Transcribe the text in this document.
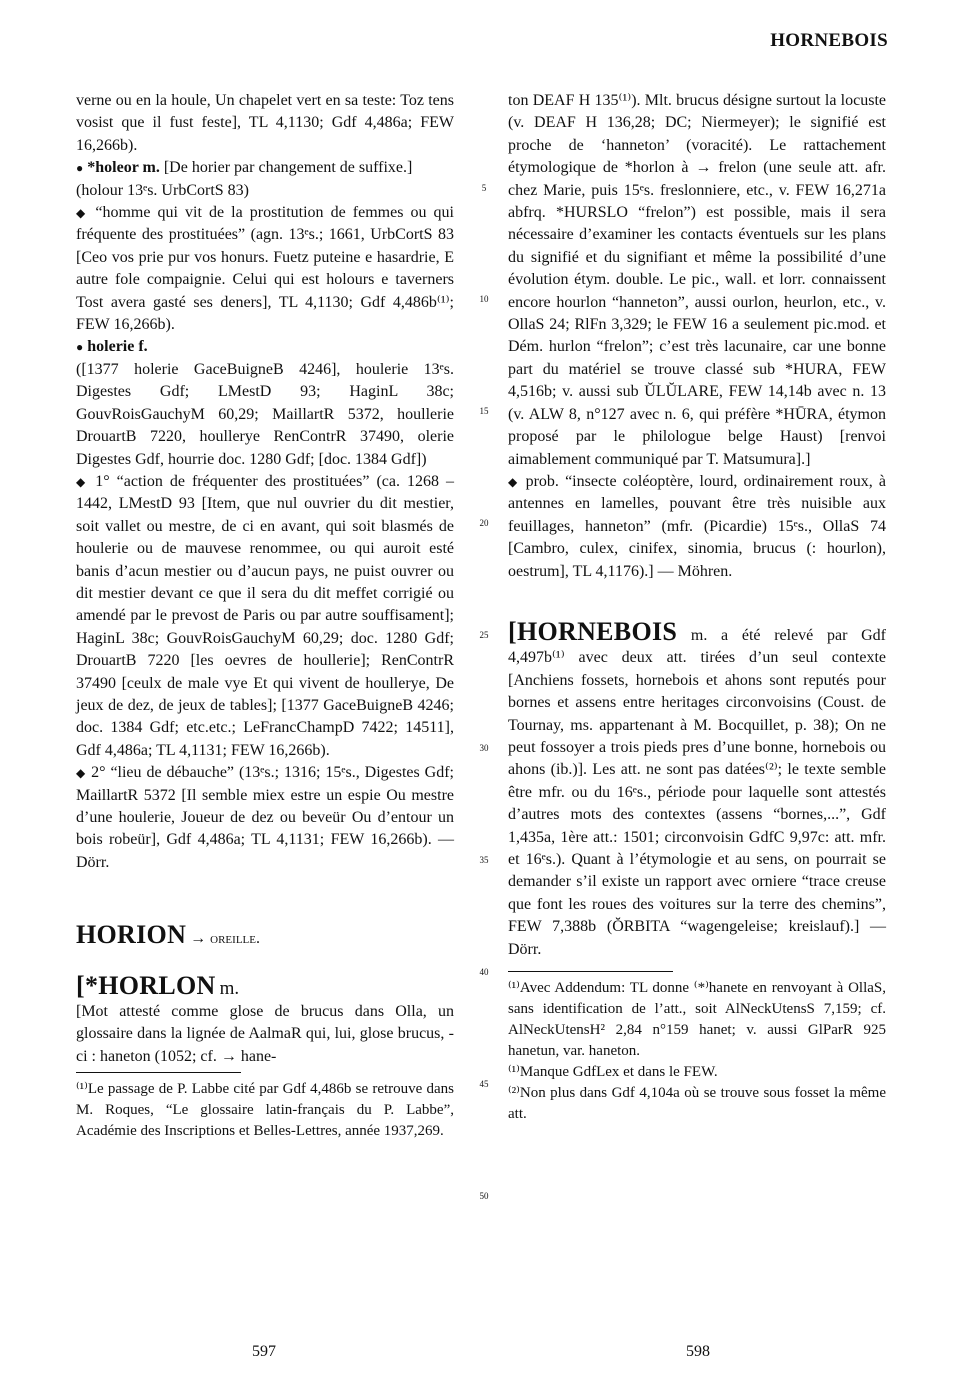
HORNEBOIS
5
10
15
20
25
30
35
40
45
50

verne ou en la houle, Un chapelet vert en sa teste: Toz tens vosist que il fust feste], TL 4,1130; Gdf 4,486a; FEW 16,266b).

● *holeor m. [De horier par changement de suffixe.]

(holour 13ᵉs. UrbCortS 83)

◆ “homme qui vit de la prostitution de femmes ou qui fréquente des prostituées” (agn. 13ᵉs.; 1661, UrbCortS 83 [Ceo vos prie pur vos honurs. Fuetz puteine e hasardrie, E autre fole compaignie. Celui qui est holours e taverners Tost avera gasté ses deners], TL 4,1130; Gdf 4,486b⁽¹⁾; FEW 16,266b).

● holerie f.

([1377 holerie GaceBuigneB 4246], houlerie 13ᵉs. Digestes Gdf; LMestD 93; HaginL 38c; GouvRoisGauchyM 60,29; MaillartR 5372, houllerie DrouartB 7220, houllerye RenContrR 37490, olerie Digestes Gdf, hourrie doc. 1280 Gdf; [doc. 1384 Gdf])

◆ 1° “action de fréquenter des prostituées” (ca. 1268 – 1442, LMestD 93 [Item, que nul ouvrier du dit mestier, soit vallet ou mestre, de ci en avant, qui soit blasmés de houlerie ou de mauvese renommee, ou qui auroit esté banis d’acun mestier ou d’aucun pays, ne puist ouvrer ou dit mestier devant ce que il sera du dit meffet corrigié ou amendé par le prevost de Paris ou par autre souffisament]; HaginL 38c; GouvRoisGauchyM 60,29; doc. 1280 Gdf; DrouartB 7220 [les oevres de houllerie]; RenContrR 37490 [ceulx de male vye Et qui vivent de houllerye, De jeux de dez, de jeux de tables]; [1377 GaceBuigneB 4246; doc. 1384 Gdf; etc.etc.; LeFrancChampD 7422; 14511], Gdf 4,486a; TL 4,1131; FEW 16,266b).

◆ 2° “lieu de débauche” (13ᵉs.; 1316; 15ᵉs., Digestes Gdf; MaillartR 5372 [Il semble miex estre un espie Ou mestre d’une houlerie, Joueur de dez ou beveür Ou d’entour un bois robeür], Gdf 4,486a; TL 4,1131; FEW 16,266b). — Dörr.

HORION → oreille.

[*HORLON m.

[Mot attesté comme glose de brucus dans Olla, un glossaire dans la lignée de AalmaR qui, lui, glose brucus, -ci : haneton (1052; cf. → hane-

⁽¹⁾Le passage de P. Labbe cité par Gdf 4,486b se retrouve dans M. Roques, “Le glossaire latin-français du P. Labbe”, Académie des Inscriptions et Belles-Lettres, année 1937,269.

ton DEAF H 135⁽¹⁾). Mlt. brucus désigne surtout la locuste (v. DEAF H 136,28; DC; Niermeyer); le signifié est proche de ‘hanneton’ (voracité). Le rattachement étymologique de *horlon à → frelon (une seule att. afr. chez Marie, puis 15ᵉs. freslonniere, etc., v. FEW 16,271a abfrq. *HURSLO “frelon”) est possible, mais il sera nécessaire d’examiner les contacts éventuels sur les plans du signifié et du signifiant et même la possibilité d’une évolution étym. double. Le pic., wall. et lorr. connaissent encore hourlon “hanneton”, aussi ourlon, heurlon, etc., v. OllaS 24; RlFn 3,329; le FEW 16 a seulement pic.mod. et Dém. hurlon “frelon”; c’est très lacunaire, car une bonne part du matériel se trouve classé sub *HURA, FEW 4,516b; v. aussi sub ŬLŬLARE, FEW 14,14b avec n. 13 (v. ALW 8, n°127 avec n. 6, qui préfère *HŪRA, étymon proposé par le philologue belge Haust) [renvoi aimablement communiqué par T. Matsumura].]

◆ prob. “insecte coléoptère, lourd, ordinairement roux, à antennes en lamelles, pouvant être très nuisible aux feuillages, hanneton” (mfr. (Picardie) 15ᵉs., OllaS 74 [Cambro, culex, cinifex, sinomia, brucus (: hourlon), oestrum], TL 4,1176).] — Möhren.

[HORNEBOIS m. a été relevé par Gdf 4,497b⁽¹⁾ avec deux att. tirées d’un seul contexte [Anchiens fossets, hornebois et ahons sont reputés pour bornes et assens entre heritages circonvoisins (Coust. de Tournay, ms. appartenant à M. Bocquillet, p. 38); On ne peut fossoyer a trois pieds pres d’une bonne, hornebois ou ahons (ib.)]. Les att. ne sont pas datées⁽²⁾; le texte semble être mfr. ou du 16ᵉs., période pour laquelle sont attestés d’autres mots des contextes (assens “bornes,...”, Gdf 1,435a, 1ère att.: 1501; circonvoisin GdfC 9,97c: att. mfr. et 16ᵉs.). Quant à l’étymologie et au sens, on pourrait se demander s’il existe un rapport avec orniere “trace creuse que font les roues des voitures sur la terre des chemins”, FEW 7,388b (ŎRBITA “wagengeleise; kreislauf).] — Dörr.

⁽¹⁾Avec Addendum: TL donne ⁽*⁾hanete en renvoyant à OllaS, sans identification de l’att., soit AlNeckUtensS 7,159; cf. AlNeckUtensH² 2,84 n°159 hanet; v. aussi GlParR 925 hanetun, var. haneton.

⁽¹⁾Manque GdfLex et dans le FEW.

⁽²⁾Non plus dans Gdf 4,104a où se trouve sous fosset la même att.

597	598
